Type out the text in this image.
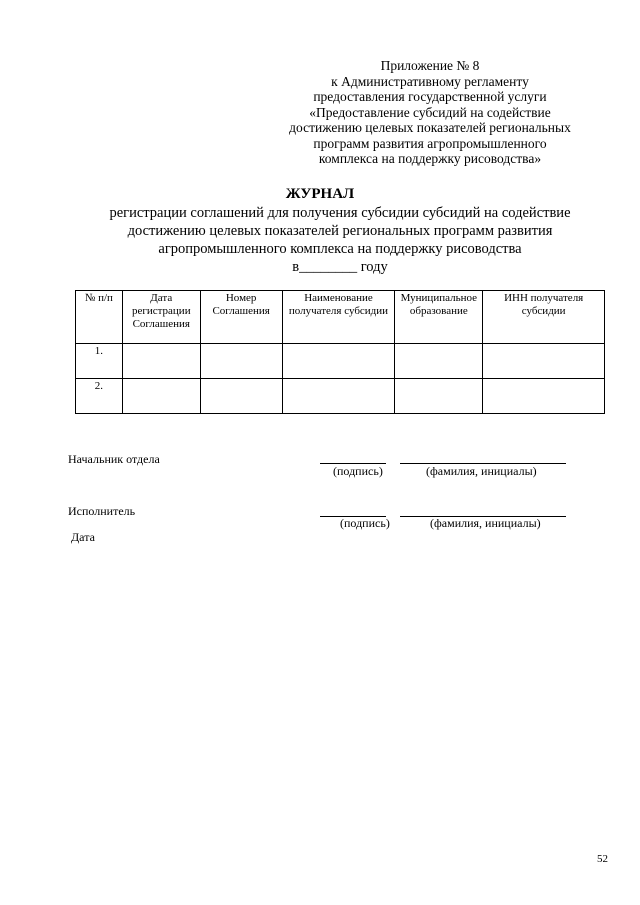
Приложение № 8
к Административному регламенту
предоставления государственной услуги
«Предоставление субсидий на содействие
достижению целевых показателей региональных
программ развития агропромышленного
комплекса на поддержку рисоводства»
ЖУРНАЛ
регистрации соглашений для получения субсидии субсидий на содействие
достижению целевых показателей региональных программ развития
агропромышленного комплекса на поддержку рисоводства
в________ году
№ п/п	Дата регистрации Соглашения	Номер Соглашения	Наименование получателя субсидии	Муниципальное образование	ИНН получателя субсидии
1.					
2.					
Начальник отдела
(подпись)	(фамилия, инициалы)
Исполнитель
(подпись)	(фамилия, инициалы)
Дата
52
